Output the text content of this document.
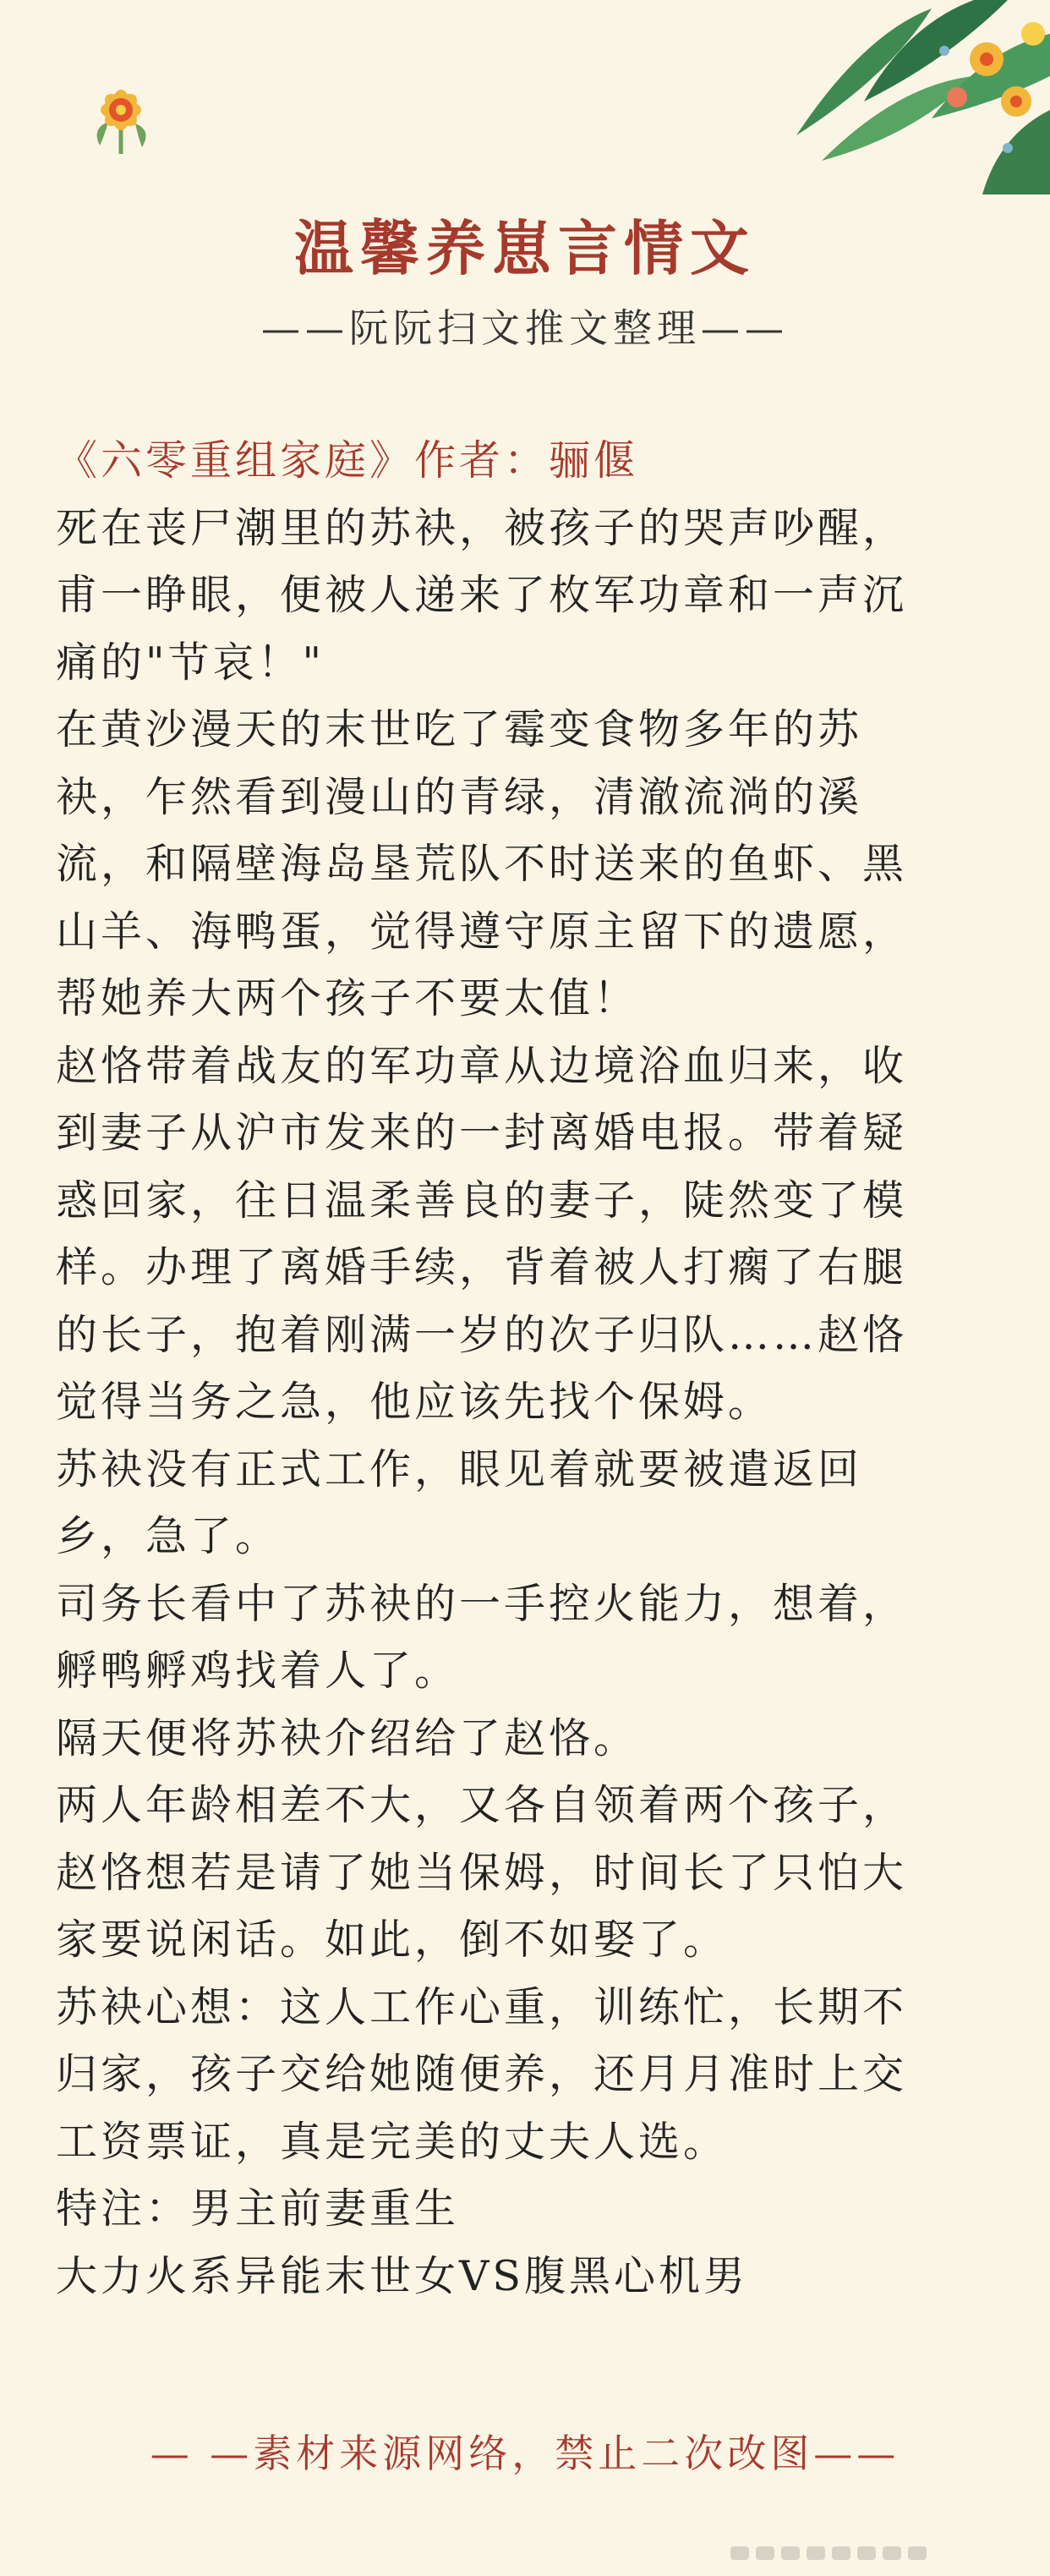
温馨养崽言情文
——阮阮扫文推文整理——
《六零重组家庭》作者：骊偃
死在丧尸潮里的苏袂，被孩子的哭声吵醒，
甫一睁眼，便被人递来了枚军功章和一声沉
痛的"节哀！"
在黄沙漫天的末世吃了霉变食物多年的苏
袂，乍然看到漫山的青绿，清澈流淌的溪
流，和隔壁海岛垦荒队不时送来的鱼虾、黑
山羊、海鸭蛋，觉得遵守原主留下的遗愿，
帮她养大两个孩子不要太值！
赵恪带着战友的军功章从边境浴血归来，收
到妻子从沪市发来的一封离婚电报。带着疑
惑回家，往日温柔善良的妻子，陡然变了模
样。办理了离婚手续，背着被人打瘸了右腿
的长子，抱着刚满一岁的次子归队……赵恪
觉得当务之急，他应该先找个保姆。
苏袂没有正式工作，眼见着就要被遣返回
乡，急了。
司务长看中了苏袂的一手控火能力，想着，
孵鸭孵鸡找着人了。
隔天便将苏袂介绍给了赵恪。
两人年龄相差不大，又各自领着两个孩子，
赵恪想若是请了她当保姆，时间长了只怕大
家要说闲话。如此，倒不如娶了。
苏袂心想：这人工作心重，训练忙，长期不
归家，孩子交给她随便养，还月月准时上交
工资票证，真是完美的丈夫人选。
特注：男主前妻重生
大力火系异能末世女VS腹黑心机男
— —素材来源网络，禁止二次改图——
